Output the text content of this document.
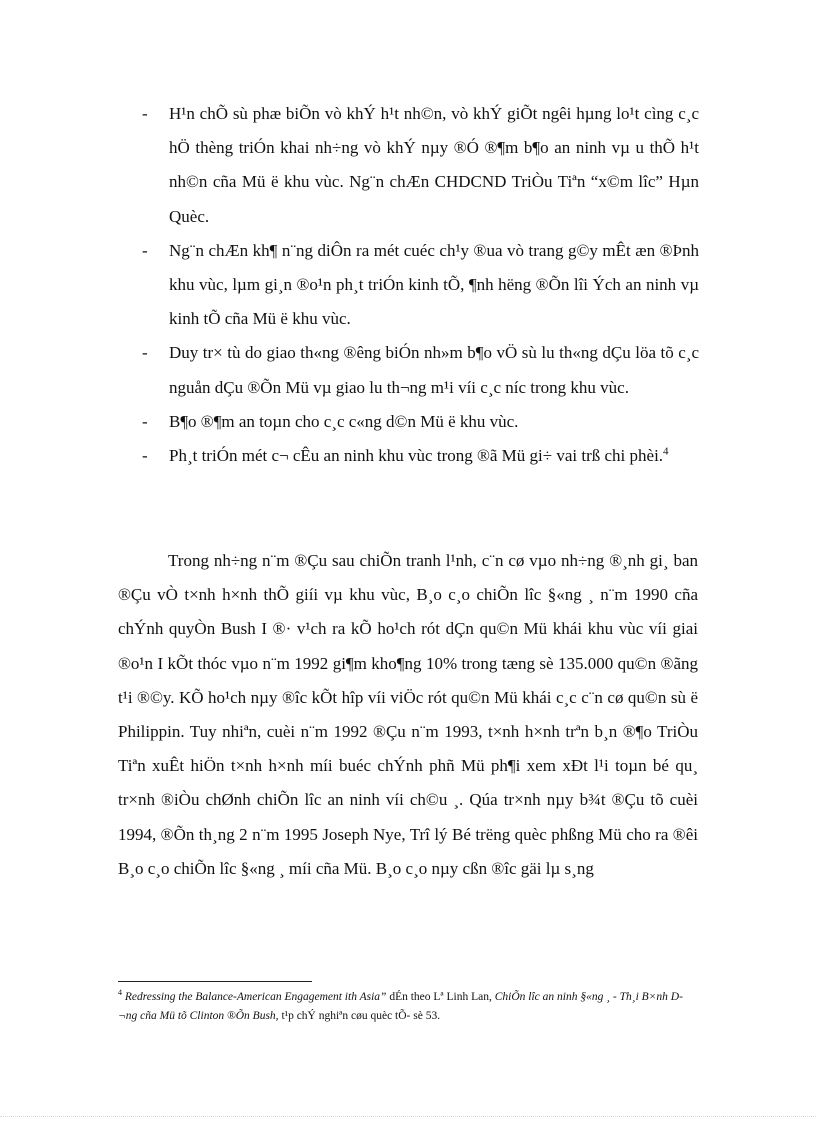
- H¹n chÕ sù phæ biÕn vò khÝ h¹t nh©n, vò khÝ giÕt ngêi hµng lo¹t cìng c¸c hÖ thèng triÓn khai nh÷ng vò khÝ nµy ®Ó ®¶m b¶o an ninh vµ u thÕ h¹t nh©n cña Mü ë khu vùc. Ng¨n chÆn CHDCND TriÒu Tiªn “x©m lîc” Hµn Quèc.
- Ng¨n chÆn kh¶ n¨ng diÔn ra mét cuéc ch¹y ®ua vò trang g©y mÊt æn ®Þnh khu vùc, lµm gi¸n ®o¹n ph¸t triÓn kinh tÕ, ¶nh hëng ®Õn lîi Ých an ninh vµ kinh tÕ cña Mü ë khu vùc.
- Duy tr× tù do giao th«ng ®êng biÓn nh»m b¶o vÖ sù lu th«ng dÇu löa tõ c¸c nguån dÇu ®Õn Mü vµ giao lu th¬ng m¹i víi c¸c níc trong khu vùc.
- B¶o ®¶m an toµn cho c¸c c«ng d©n Mü ë khu vùc.
- Ph¸t triÓn mét c¬ cÊu an ninh khu vùc trong ®ã Mü gi÷ vai trß chi phèi.$^4$

Trong nh÷ng n¨m ®Çu sau chiÕn tranh l¹nh, c¨n cø vµo nh÷ng ®¸nh gi¸ ban ®Çu vÒ t×nh h×nh thÕ giíi vµ khu vùc, B¸o c¸o chiÕn lîc §«ng ¸ n¨m 1990 cña chÝnh quyÒn Bush I ®· v¹ch ra kÕ ho¹ch rót dÇn qu©n Mü khái khu vùc víi giai ®o¹n I kÕt thóc vµo n¨m 1992 gi¶m kho¶ng 10% trong tæng sè 135.000 qu©n ®ãng t¹i ®©y. KÕ ho¹ch nµy ®îc kÕt hîp víi viÖc rót qu©n Mü khái c¸c c¨n cø qu©n sù ë Philippin. Tuy nhiªn, cuèi n¨m 1992 ®Çu n¨m 1993, t×nh h×nh trªn b¸n ®¶o TriÒu Tiªn xuÊt hiÖn t×nh h×nh míi buéc chÝnh phñ Mü ph¶i xem xÐt l¹i toµn bé qu¸ tr×nh ®iÒu chØnh chiÕn lîc an ninh víi ch©u ¸. Qúa tr×nh nµy b¾t ®Çu tõ cuèi 1994, ®Õn th¸ng 2 n¨m 1995 Joseph Nye, Trî lý Bé trëng quèc phßng Mü cho ra ®êi B¸o c¸o chiÕn lîc §«ng ¸ míi cña Mü. B¸o c¸o nµy cßn ®îc gäi lµ s¸ng

$^4$ Redressing the Balance-American Engagement ith Asia” dÉn theo Lª Linh Lan, ChiÕn lîc an ninh §«ng ¸ - Th¸i B×nh D¬ng cña Mü tõ Clinton ®Õn Bush, t¹p chÝ nghiªn cøu quèc tÕ- sè 53.
